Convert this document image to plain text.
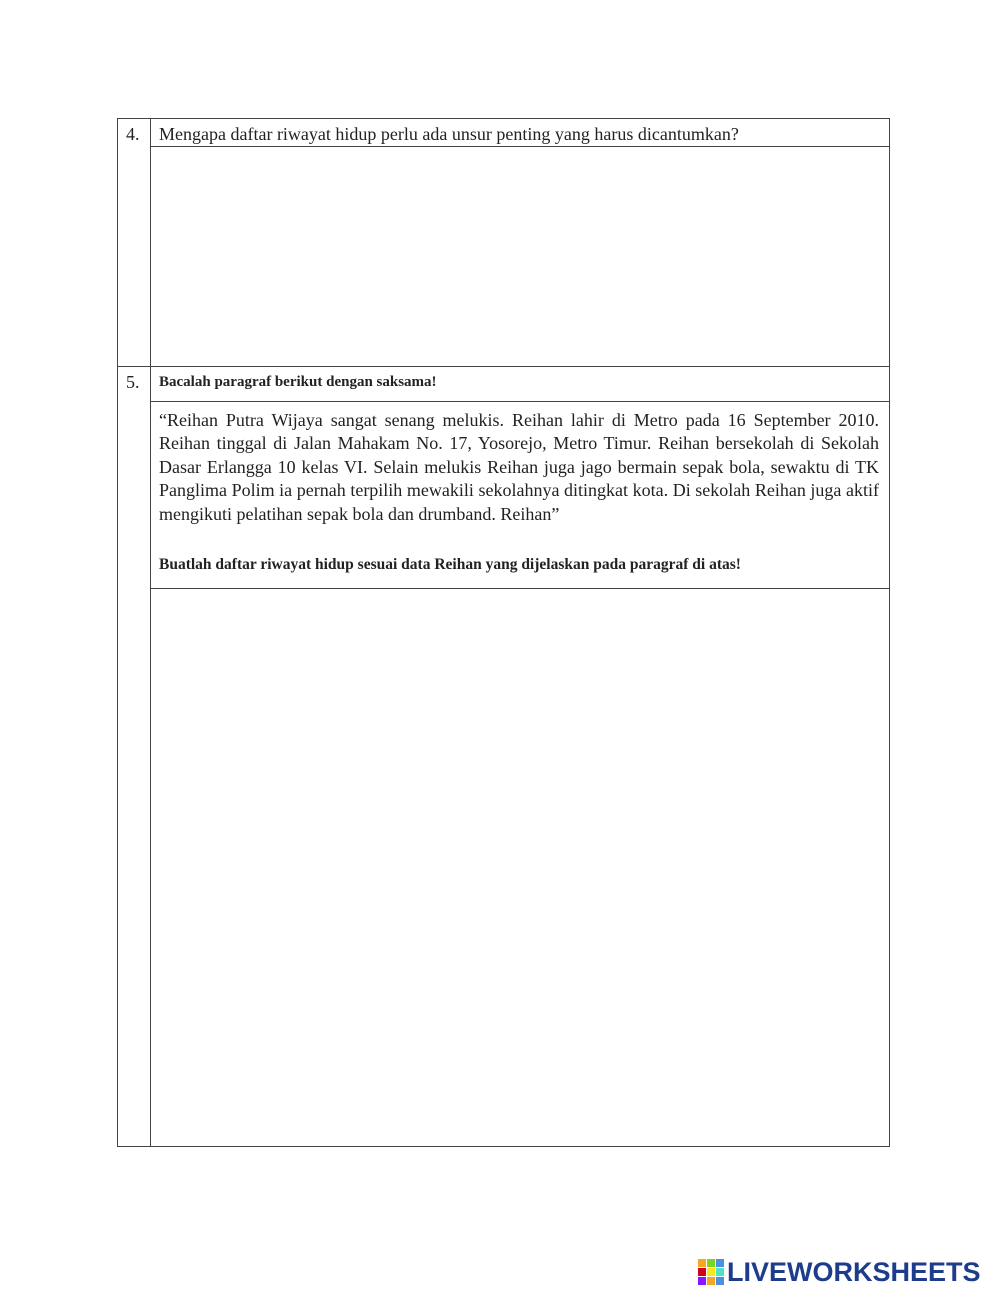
4. Mengapa daftar riwayat hidup perlu ada unsur penting yang harus dicantumkan?
5. Bacalah paragraf berikut dengan saksama!

“Reihan Putra Wijaya sangat senang melukis. Reihan lahir di Metro pada 16 September 2010. Reihan tinggal di Jalan Mahakam No. 17, Yosorejo, Metro Timur. Reihan bersekolah di Sekolah Dasar Erlangga 10 kelas VI. Selain melukis Reihan juga jago bermain sepak bola, sewaktu di TK Panglima Polim ia pernah terpilih mewakili sekolahnya ditingkat kota. Di sekolah Reihan juga aktif mengikuti pelatihan sepak bola dan drumband. Reihan”

Buatlah daftar riwayat hidup sesuai data Reihan yang dijelaskan pada paragraf di atas!
LIVEWORKSHEETS
